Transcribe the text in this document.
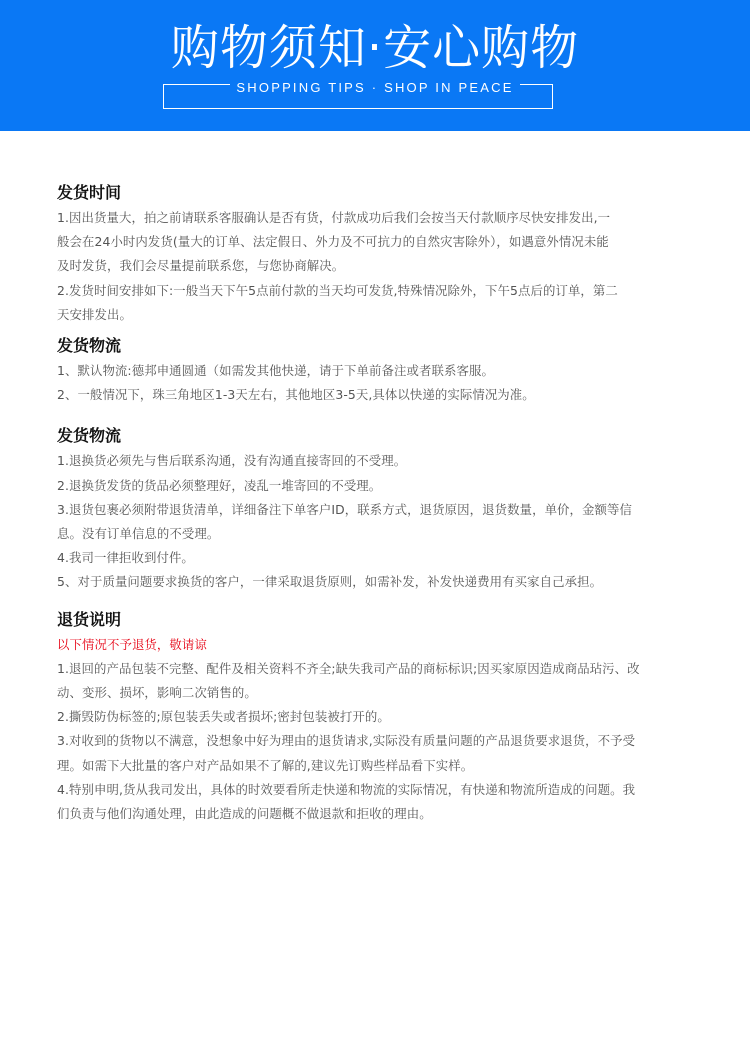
购物须知·安心购物
SHOPPING TIPS · SHOP IN PEACE
发货时间

1.因出货量大，拍之前请联系客服确认是否有货，付款成功后我们会按当天付款顺序尽快安排发出,一

般会在24小时内发货(量大的订单、法定假日、外力及不可抗力的自然灾害除外），如遇意外情况未能

及时发货，我们会尽量提前联系您，与您协商解决。

2.发货时间安排如下:一般当天下午5点前付款的当天均可发货,特殊情况除外，下午5点后的订单，第二

天安排发出。

发货物流

1、默认物流:德邦申通圆通（如需发其他快递，请于下单前备注或者联系客服。

2、一般情况下，珠三角地区1-3天左右，其他地区3-5天,具体以快递的实际情况为准。

发货物流

1.退换货必须先与售后联系沟通，没有沟通直接寄回的不受理。

2.退换货发货的货品必须整理好，凌乱一堆寄回的不受理。

3.退货包裹必须附带退货清单，详细备注下单客户ID，联系方式，退货原因，退货数量，单价，金额等信

息。没有订单信息的不受理。

4.我司一律拒收到付件。

5、对于质量问题要求换货的客户，一律采取退货原则，如需补发，补发快递费用有买家自己承担。

退货说明

以下情况不予退货，敬请谅

1.退回的产品包装不完整、配件及相关资料不齐全;缺失我司产品的商标标识;因买家原因造成商品玷污、改

动、变形、损坏，影响二次销售的。

2.撕毁防伪标签的;原包装丢失或者损坏;密封包装被打开的。

3.对收到的货物以不满意，没想象中好为理由的退货请求,实际没有质量问题的产品退货要求退货，不予受

理。如需下大批量的客户对产品如果不了解的,建议先订购些样品看下实样。

4.特别申明,货从我司发出，具体的时效要看所走快递和物流的实际情况，有快递和物流所造成的问题。我

们负责与他们沟通处理，由此造成的问题概不做退款和拒收的理由。
